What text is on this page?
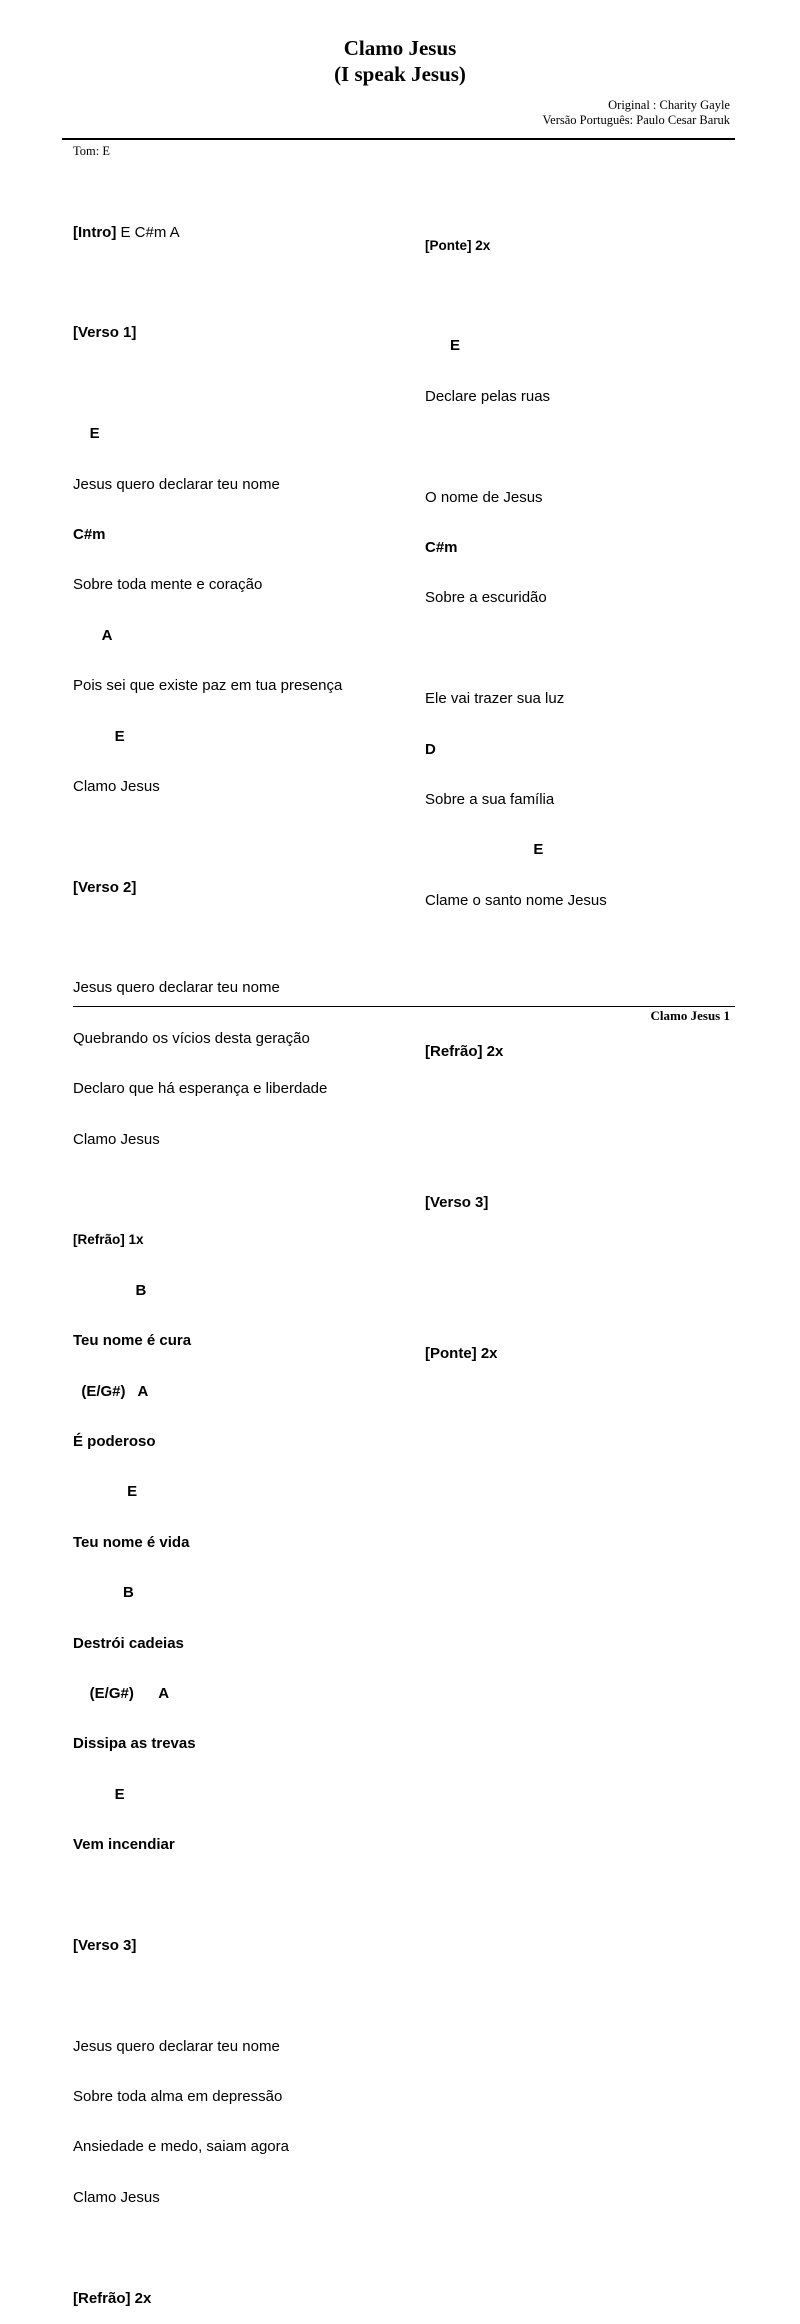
Clamo Jesus
(I speak Jesus)
Original : Charity Gayle
Versão Português: Paulo Cesar Baruk
Tom: E

[Intro] E C#m A

[Verso 1]

E

Jesus quero declarar teu nome

C#m

Sobre toda mente e coração

A

Pois sei que existe paz em tua presença

E

Clamo Jesus

[Verso 2]

Jesus quero declarar teu nome

Quebrando os vícios desta geração

Declaro que há esperança e liberdade

Clamo Jesus

[Refrão] 1x

B

Teu nome é cura

(E/G#)   A

É poderoso

E

Teu nome é vida

B

Destrói cadeias

(E/G#)      A

Dissipa as trevas

E

Vem incendiar

[Verso 3]

Jesus quero declarar teu nome

Sobre toda alma em depressão

Ansiedade e medo, saiam agora

Clamo Jesus

[Refrão] 2x

[Ponte] 2x

E

Declare pelas ruas

O nome de Jesus

C#m

Sobre a escuridão

Ele vai trazer sua luz

D

Sobre a sua família

E

Clame o santo nome Jesus

[Refrão] 2x

[Verso 3]

[Ponte] 2x

Clamo Jesus 1
